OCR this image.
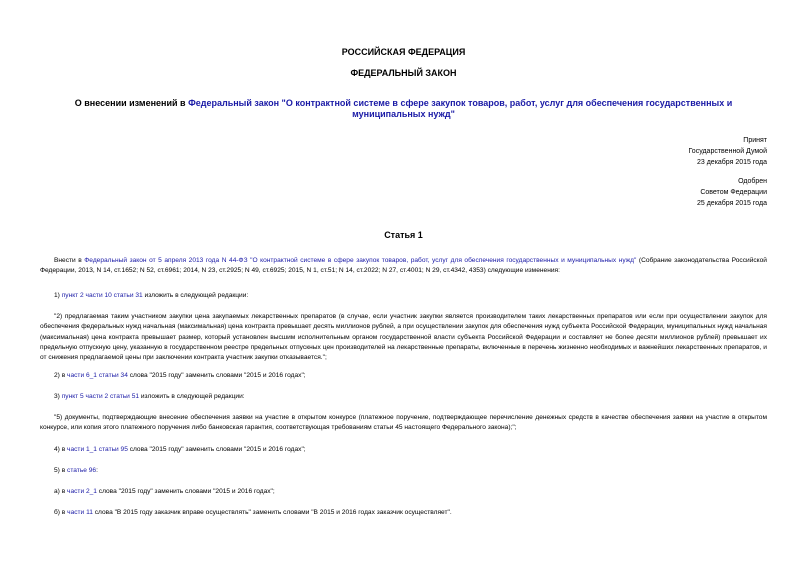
РОССИЙСКАЯ ФЕДЕРАЦИЯ
ФЕДЕРАЛЬНЫЙ ЗАКОН
О внесении изменений в Федеральный закон "О контрактной системе в сфере закупок товаров, работ, услуг для обеспечения государственных и муниципальных нужд"
Принят
Государственной Думой
23 декабря 2015 года
Одобрен
Советом Федерации
25 декабря 2015 года
Статья 1
Внести в Федеральный закон от 5 апреля 2013 года N 44-ФЗ "О контрактной системе в сфере закупок товаров, работ, услуг для обеспечения государственных и муниципальных нужд" (Собрание законодательства Российской Федерации, 2013, N 14, ст.1652; N 52, ст.6961; 2014, N 23, ст.2925; N 49, ст.6925; 2015, N 1, ст.51; N 14, ст.2022; N 27, ст.4001; N 29, ст.4342, 4353) следующие изменения:
1) пункт 2 части 10 статьи 31 изложить в следующей редакции:
"2) предлагаемая таким участником закупки цена закупаемых лекарственных препаратов (в случае, если участник закупки является производителем таких лекарственных препаратов или если при осуществлении закупок для обеспечения федеральных нужд начальная (максимальная) цена контракта превышает десять миллионов рублей, а при осуществлении закупок для обеспечения нужд субъекта Российской Федерации, муниципальных нужд начальная (максимальная) цена контракта превышает размер, который установлен высшим исполнительным органом государственной власти субъекта Российской Федерации и составляет не более десяти миллионов рублей) превышает их предельную отпускную цену, указанную в государственном реестре предельных отпускных цен производителей на лекарственные препараты, включенные в перечень жизненно необходимых и важнейших лекарственных препаратов, и от снижения предлагаемой цены при заключении контракта участник закупки отказывается.";
2) в части 6_1 статьи 34 слова "2015 году" заменить словами "2015 и 2016 годах";
3) пункт 5 части 2 статьи 51 изложить в следующей редакции:
"5) документы, подтверждающие внесение обеспечения заявки на участие в открытом конкурсе (платежное поручение, подтверждающее перечисление денежных средств в качестве обеспечения заявки на участие в открытом конкурсе, или копия этого платежного поручения либо банковская гарантия, соответствующая требованиям статьи 45 настоящего Федерального закона);";
4) в части 1_1 статьи 95 слова "2015 году" заменить словами "2015 и 2016 годах";
5) в статье 96:
а) в части 2_1 слова "2015 году" заменить словами "2015 и 2016 годах";
б) в части 11 слова "В 2015 году заказчик вправе осуществлять" заменить словами "В 2015 и 2016 годах заказчик осуществляет".
